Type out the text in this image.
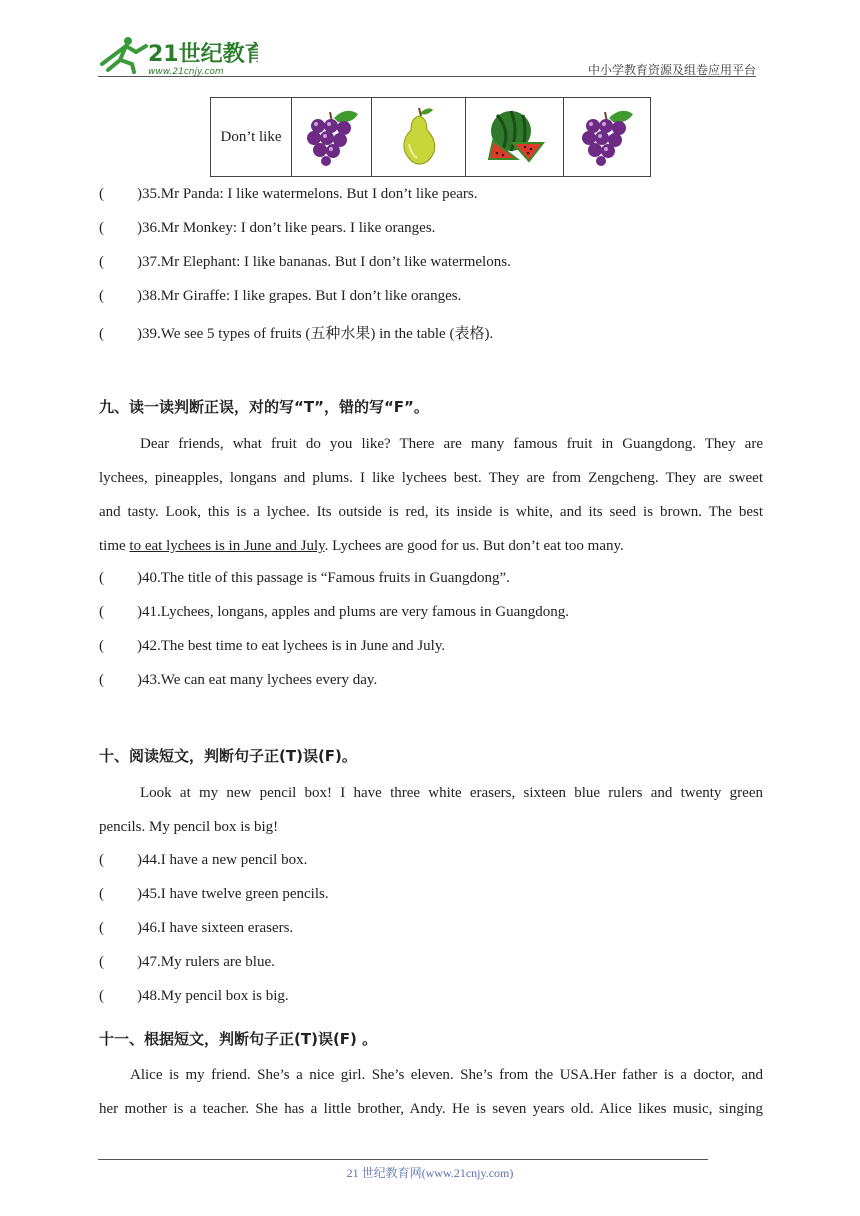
21世纪教育
www.21cnjy.com	中小学教育资源及组卷应用平台
Don’t like				
( )35.Mr Panda: I like watermelons. But I don’t like pears.
( )36.Mr Monkey: I don’t like pears. I like oranges.
( )37.Mr Elephant: I like bananas. But I don’t like watermelons.
( )38.Mr Giraffe: I like grapes. But I don’t like oranges.
( )39.We see 5 types of fruits (五种水果) in the table (表格).
九、读一读判断正误，对的写“T”，错的写“F”。
Dear friends, what fruit do you like? There are many famous fruit in Guangdong. They are
lychees, pineapples, longans and plums. I like lychees best. They are from Zengcheng. They are sweet
and tasty. Look, this is a lychee. Its outside is red, its inside is white, and its seed is brown. The best
time to eat lychees is in June and July. Lychees are good for us. But don’t eat too many.
( )40.The title of this passage is “Famous fruits in Guangdong”.
( )41.Lychees, longans, apples and plums are very famous in Guangdong.
( )42.The best time to eat lychees is in June and July.
( )43.We can eat many lychees every day.
十、阅读短文，判断句子正(T)误(F)。
Look at my new pencil box! I have three white erasers, sixteen blue rulers and twenty green
pencils. My pencil box is big!
( )44.I have a new pencil box.
( )45.I have twelve green pencils.
( )46.I have sixteen erasers.
( )47.My rulers are blue.
( )48.My pencil box is big.
十一、根据短文，判断句子正(T)误(F) 。
Alice is my friend. She’s a nice girl. She’s eleven. She’s from the USA.Her father is a doctor, and
her mother is a teacher. She has a little brother, Andy. He is seven years old. Alice likes music, singing
21 世纪教育网(www.21cnjy.com)
